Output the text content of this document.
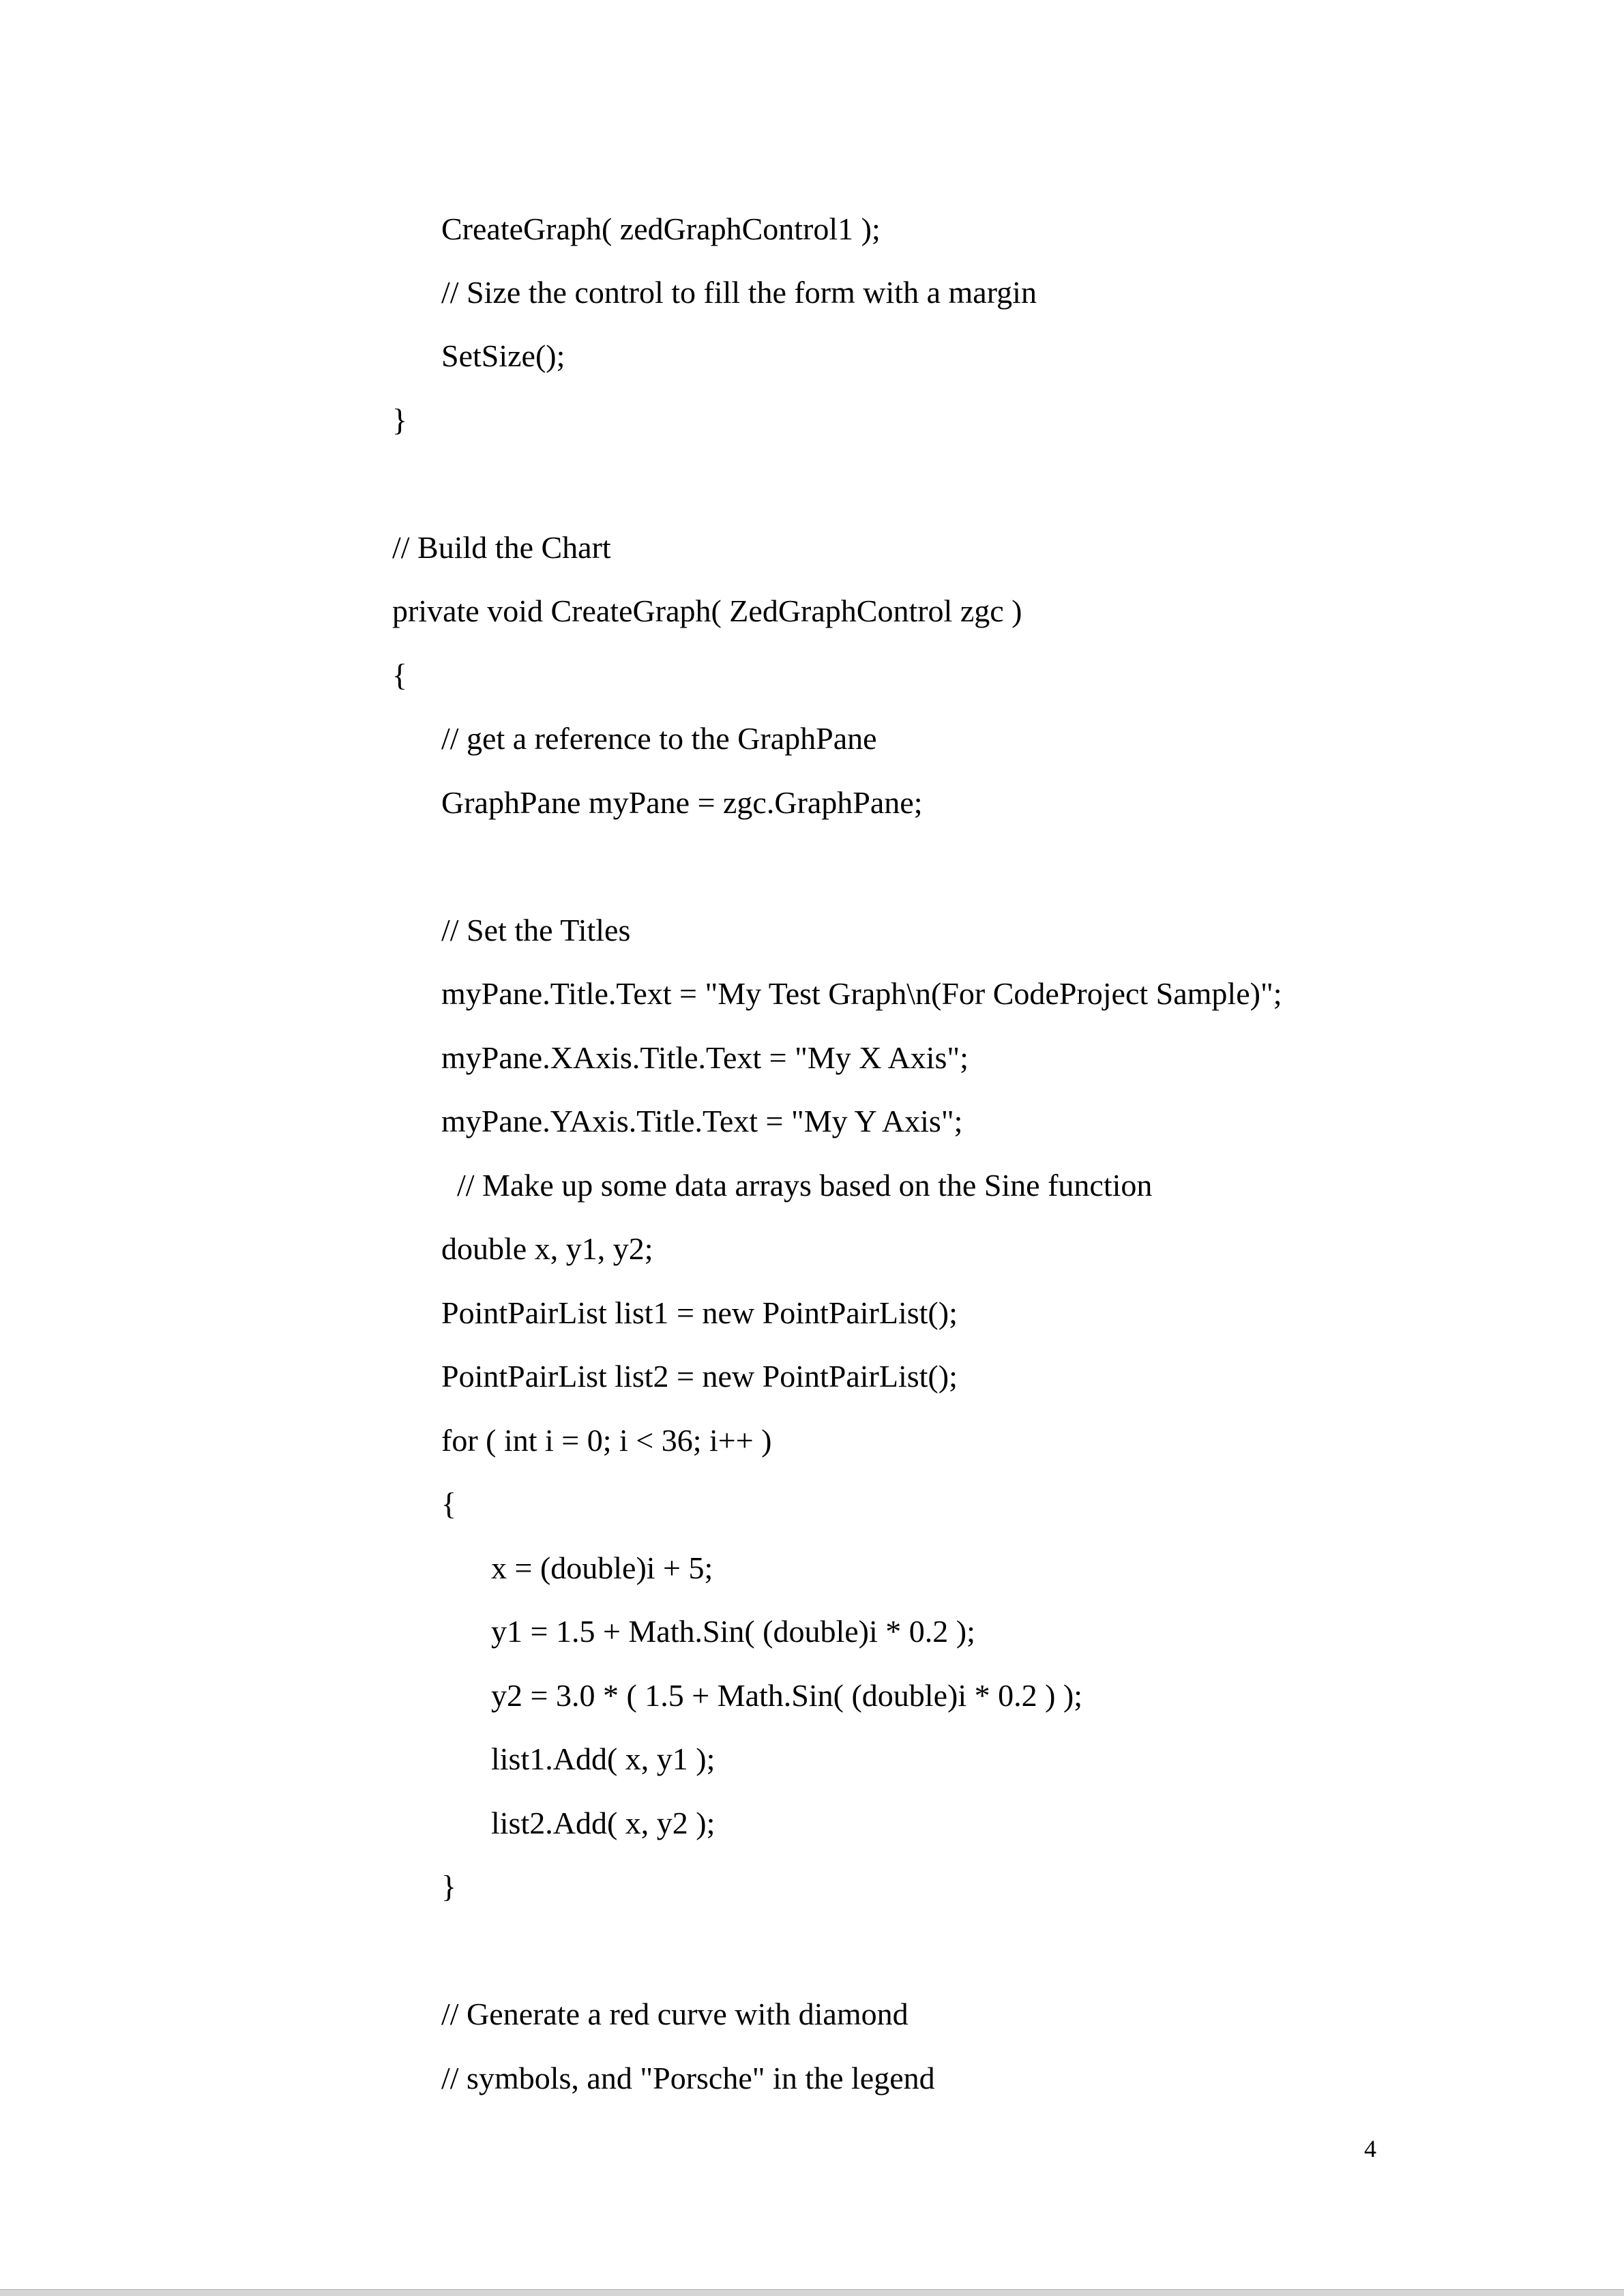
CreateGraph( zedGraphControl1 );

// Size the control to fill the form with a margin

SetSize();

}

// Build the Chart

private void CreateGraph( ZedGraphControl zgc )

{

// get a reference to the GraphPane

GraphPane myPane = zgc.GraphPane;

// Set the Titles

myPane.Title.Text = "My Test Graph\n(For CodeProject Sample)";

myPane.XAxis.Title.Text = "My X Axis";

myPane.YAxis.Title.Text = "My Y Axis";

// Make up some data arrays based on the Sine function

double x, y1, y2;

PointPairList list1 = new PointPairList();

PointPairList list2 = new PointPairList();

for ( int i = 0; i < 36; i++ )

{

x = (double)i + 5;

y1 = 1.5 + Math.Sin( (double)i * 0.2 );

y2 = 3.0 * ( 1.5 + Math.Sin( (double)i * 0.2 ) );

list1.Add( x, y1 );

list2.Add( x, y2 );

}

// Generate a red curve with diamond

// symbols, and "Porsche" in the legend

4
